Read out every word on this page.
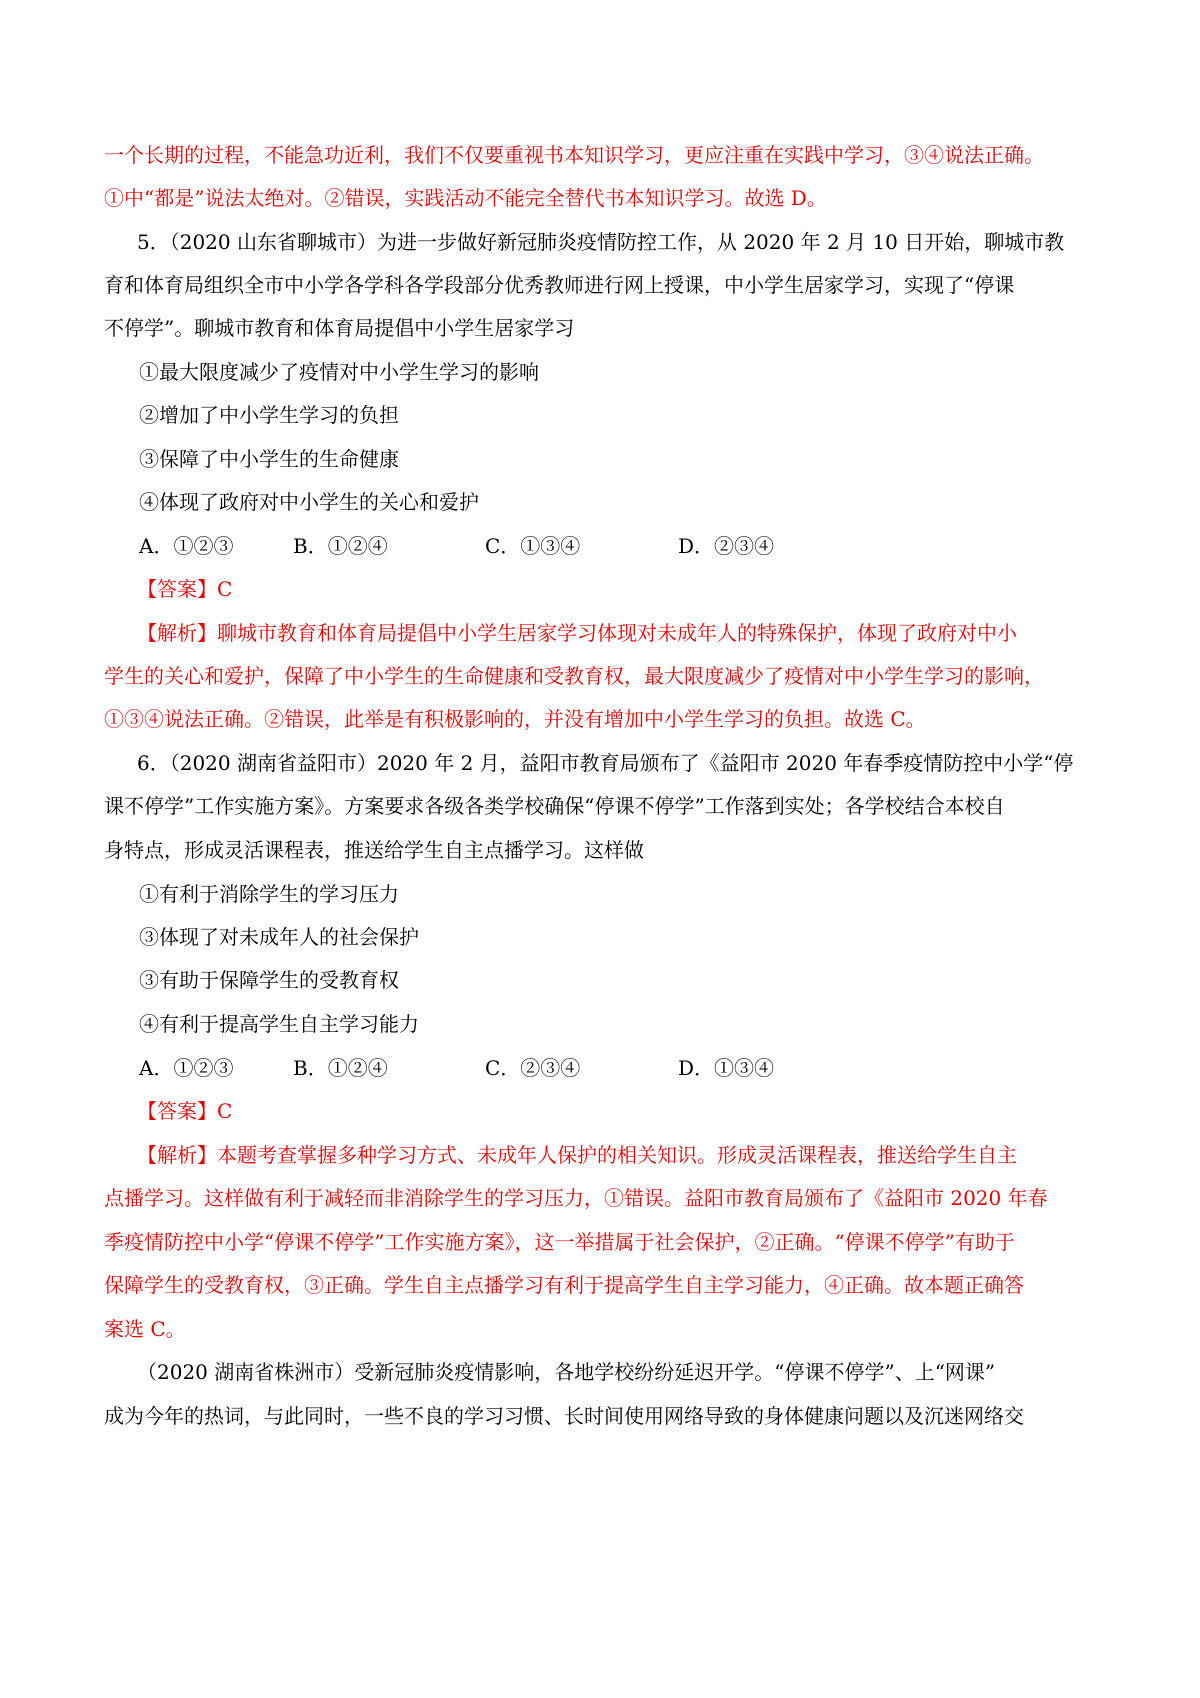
一个长期的过程，不能急功近利，我们不仅要重视书本知识学习，更应注重在实践中学习，③④说法正确。
①中“都是”说法太绝对。②错误，实践活动不能完全替代书本知识学习。故选 D。
5．（2020 山东省聊城市）为进一步做好新冠肺炎疫情防控工作，从 2020 年 2 月 10 日开始，聊城市教
育和体育局组织全市中小学各学科各学段部分优秀教师进行网上授课，中小学生居家学习，实现了“停课
不停学”。聊城市教育和体育局提倡中小学生居家学习
①最大限度减少了疫情对中小学生学习的影响
②增加了中小学生学习的负担
③保障了中小学生的生命健康
④体现了政府对中小学生的关心和爱护
A．①②③	B．①②④	C．①③④	D．②③④
【答案】C
【解析】聊城市教育和体育局提倡中小学生居家学习体现对未成年人的特殊保护，体现了政府对中小
学生的关心和爱护，保障了中小学生的生命健康和受教育权，最大限度减少了疫情对中小学生学习的影响，
①③④说法正确。②错误，此举是有积极影响的，并没有增加中小学生学习的负担。故选 C。
6．（2020 湖南省益阳市）2020 年 2 月，益阳市教育局颁布了《益阳市 2020 年春季疫情防控中小学“停
课不停学”工作实施方案》。方案要求各级各类学校确保“停课不停学”工作落到实处；各学校结合本校自
身特点，形成灵活课程表，推送给学生自主点播学习。这样做
①有利于消除学生的学习压力
③体现了对未成年人的社会保护
③有助于保障学生的受教育权
④有利于提高学生自主学习能力
A．①②③	B．①②④	C．②③④	D．①③④
【答案】C
【解析】本题考查掌握多种学习方式、未成年人保护的相关知识。形成灵活课程表，推送给学生自主
点播学习。这样做有利于减轻而非消除学生的学习压力，①错误。益阳市教育局颁布了《益阳市 2020 年春
季疫情防控中小学“停课不停学”工作实施方案》，这一举措属于社会保护，②正确。“停课不停学”有助于
保障学生的受教育权，③正确。学生自主点播学习有利于提高学生自主学习能力，④正确。故本题正确答
案选 C。
（2020 湖南省株洲市）受新冠肺炎疫情影响，各地学校纷纷延迟开学。“停课不停学”、上“网课”
成为今年的热词，与此同时，一些不良的学习习惯、长时间使用网络导致的身体健康问题以及沉迷网络交
